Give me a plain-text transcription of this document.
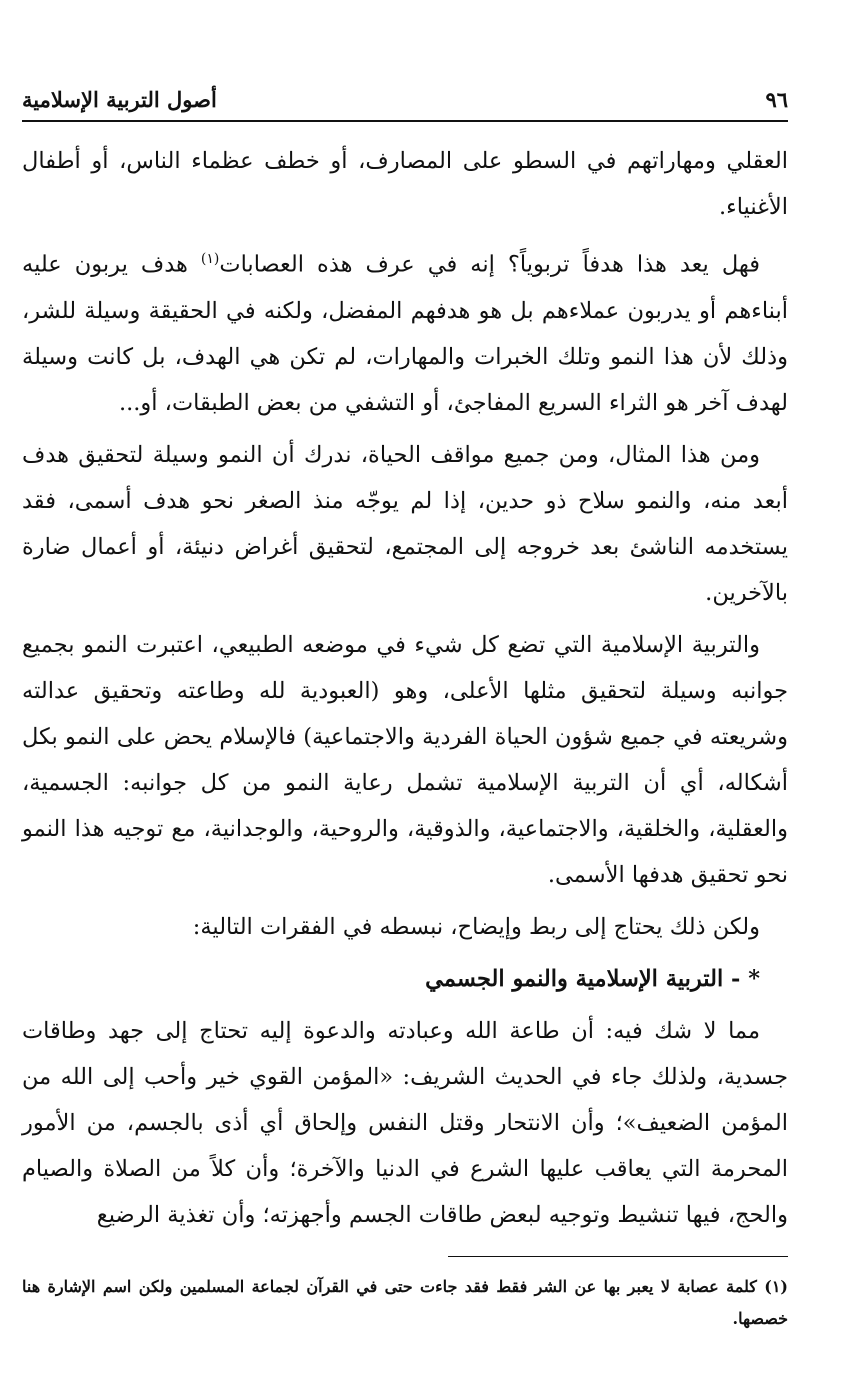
٩٦
أصول التربية الإسلامية

العقلي ومهاراتهم في السطو على المصارف، أو خطف عظماء الناس، أو أطفال الأغنياء.

فهل يعد هذا هدفاً تربوياً؟ إنه في عرف هذه العصابات$^{(١)}$ هدف يربون عليه أبناءهم أو يدربون عملاءهم بل هو هدفهم المفضل، ولكنه في الحقيقة وسيلة للشر، وذلك لأن هذا النمو وتلك الخبرات والمهارات، لم تكن هي الهدف، بل كانت وسيلة لهدف آخر هو الثراء السريع المفاجئ، أو التشفي من بعض الطبقات، أو...

ومن هذا المثال، ومن جميع مواقف الحياة، ندرك أن النمو وسيلة لتحقيق هدف أبعد منه، والنمو سلاح ذو حدين، إذا لم يوجّه منذ الصغر نحو هدف أسمى، فقد يستخدمه الناشئ بعد خروجه إلى المجتمع، لتحقيق أغراض دنيئة، أو أعمال ضارة بالآخرين.

والتربية الإسلامية التي تضع كل شيء في موضعه الطبيعي، اعتبرت النمو بجميع جوانبه وسيلة لتحقيق مثلها الأعلى، وهو (العبودية لله وطاعته وتحقيق عدالته وشريعته في جميع شؤون الحياة الفردية والاجتماعية) فالإسلام يحض على النمو بكل أشكاله، أي أن التربية الإسلامية تشمل رعاية النمو من كل جوانبه: الجسمية، والعقلية، والخلقية، والاجتماعية، والذوقية، والروحية، والوجدانية، مع توجيه هذا النمو نحو تحقيق هدفها الأسمى.

ولكن ذلك يحتاج إلى ربط وإيضاح، نبسطه في الفقرات التالية:

* - التربية الإسلامية والنمو الجسمي

مما لا شك فيه: أن طاعة الله وعبادته والدعوة إليه تحتاج إلى جهد وطاقات جسدية، ولذلك جاء في الحديث الشريف: «المؤمن القوي خير وأحب إلى الله من المؤمن الضعيف»؛ وأن الانتحار وقتل النفس وإلحاق أي أذى بالجسم، من الأمور المحرمة التي يعاقب عليها الشرع في الدنيا والآخرة؛ وأن كلاً من الصلاة والصيام والحج، فيها تنشيط وتوجيه لبعض طاقات الجسم وأجهزته؛ وأن تغذية الرضيع

(١) كلمة عصابة لا يعبر بها عن الشر فقط فقد جاءت حتى في القرآن لجماعة المسلمين ولكن اسم الإشارة هنا خصصها.
